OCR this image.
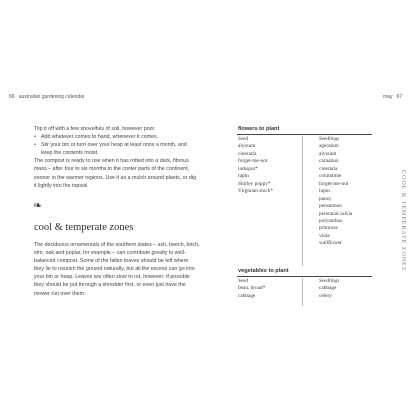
66 australian gardening calendar	may 67

Top it off with a few shovelfuls of soil, however poor.

• Add whatever comes to hand, whenever it comes.
• Stir your bin or turn over your heap at least once a month, and
keep the contents moist.

The compost is ready to use when it has rotted into a dark, fibrous

mass – after four to six months in the cooler parts of the continent,

sooner in the warmer regions. Use it as a mulch around plants, or dig

it lightly into the topsoil.

❧
cool & temperate zones

The deciduous ornamentals of the southern states – ash, beech, birch,

elm, oak and poplar, for example – can contribute greatly to well-

balanced compost. Some of the fallen leaves should be left where

they lie to nourish the ground naturally, but all the excess can go into

your bin or heap. Leaves are often slow to rot, however; if possible

they should be put through a shredder first, or even just have the

mower run over them.

flowers to plant
Seed
alyssum
cineraria
forget-me-not
larkspur*
lupin
Shirley poppy*
Virginian stock*
Seedlings
ageratum
alyssum
carnation
cineraria
columbine
forget-me-not
lupin
pansy
penstemon
perennial salvia
polyanthus
primrose
viola
wallflower
vegetables to plant
Seed
bean, broad*
cabbage
Seedlings
cabbage
celery
COOL & TEMPERATE ZONES
